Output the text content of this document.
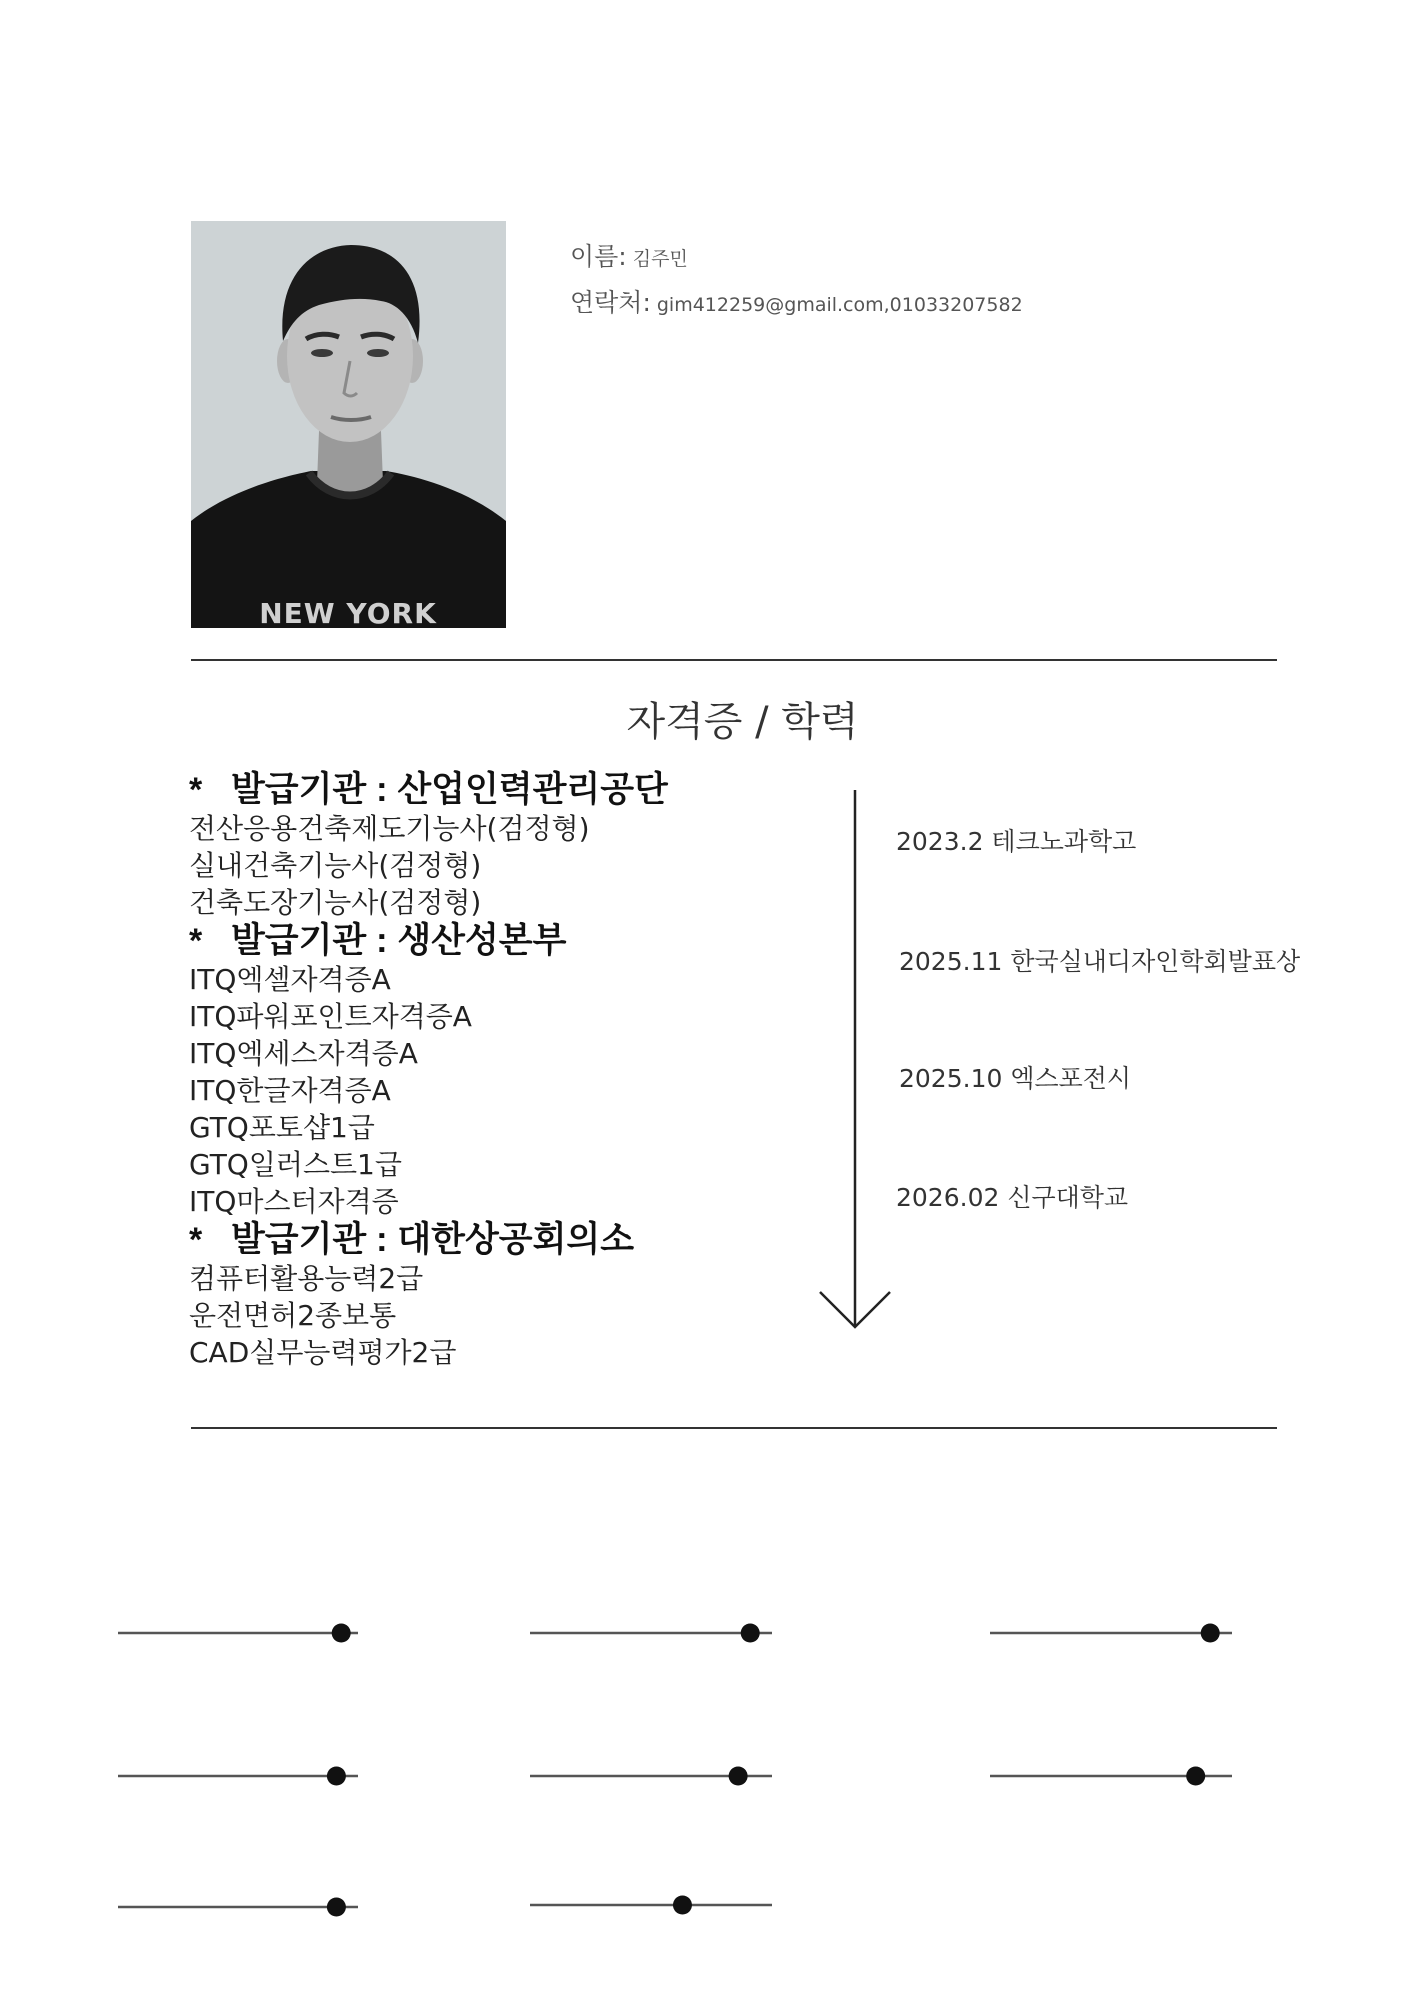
NEW YORK
이름: 김주민
연락처: gim412259@gmail.com,01033207582
자격증 / 학력
* 발급기관 : 산업인력관리공단
전산응용건축제도기능사(검정형)
실내건축기능사(검정형)
건축도장기능사(검정형)
* 발급기관 : 생산성본부
ITQ엑셀자격증A
ITQ파워포인트자격증A
ITQ엑세스자격증A
ITQ한글자격증A
GTQ포토샵1급
GTQ일러스트1급
ITQ마스터자격증
* 발급기관 : 대한상공회의소
컴퓨터활용능력2급
운전면허2종보통
CAD실무능력평가2급
2023.2 테크노과학고
2025.11 한국실내디자인학회발표상
2025.10 엑스포전시
2026.02 신구대학교
